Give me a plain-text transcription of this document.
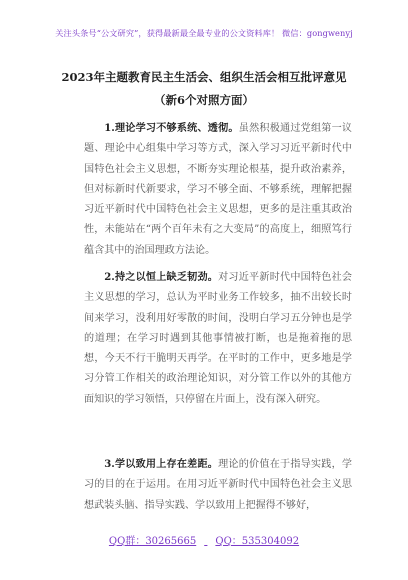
关注头条号“公文研究”，获得最新最全最专业的公文资料库！ 微信：gongwenyj
2023年主题教育民主生活会、组织生活会相互批评意见
（新6个对照方面）

1.理论学习不够系统、透彻。虽然积极通过党组第一议题、理论中心组集中学习等方式，深入学习习近平新时代中国特色社会主义思想，不断夯实理论根基，提升政治素养，但对标新时代新要求，学习不够全面、不够系统，理解把握习近平新时代中国特色社会主义思想，更多的是注重其政治性，未能站在“两个百年未有之大变局”的高度上，细照笃行蕴含其中的治国理政方法论。

2.持之以恒上缺乏韧劲。对习近平新时代中国特色社会主义思想的学习，总认为平时业务工作较多，抽不出较长时间来学习，没利用好零散的时间，没明白学习五分钟也是学的道理；在学习时遇到其他事情被打断，也是拖着拖的思想，今天不行干脆明天再学。在平时的工作中，更多地是学习分管工作相关的政治理论知识，对分管工作以外的其他方面知识的学习领悟，只停留在片面上，没有深入研究。

3.学以致用上存在差距。理论的价值在于指导实践，学习的目的在于运用。在用习近平新时代中国特色社会主义思想武装头脑、指导实践、学以致用上把握得不够好，

QQ群：30265665 QQ：535304092
